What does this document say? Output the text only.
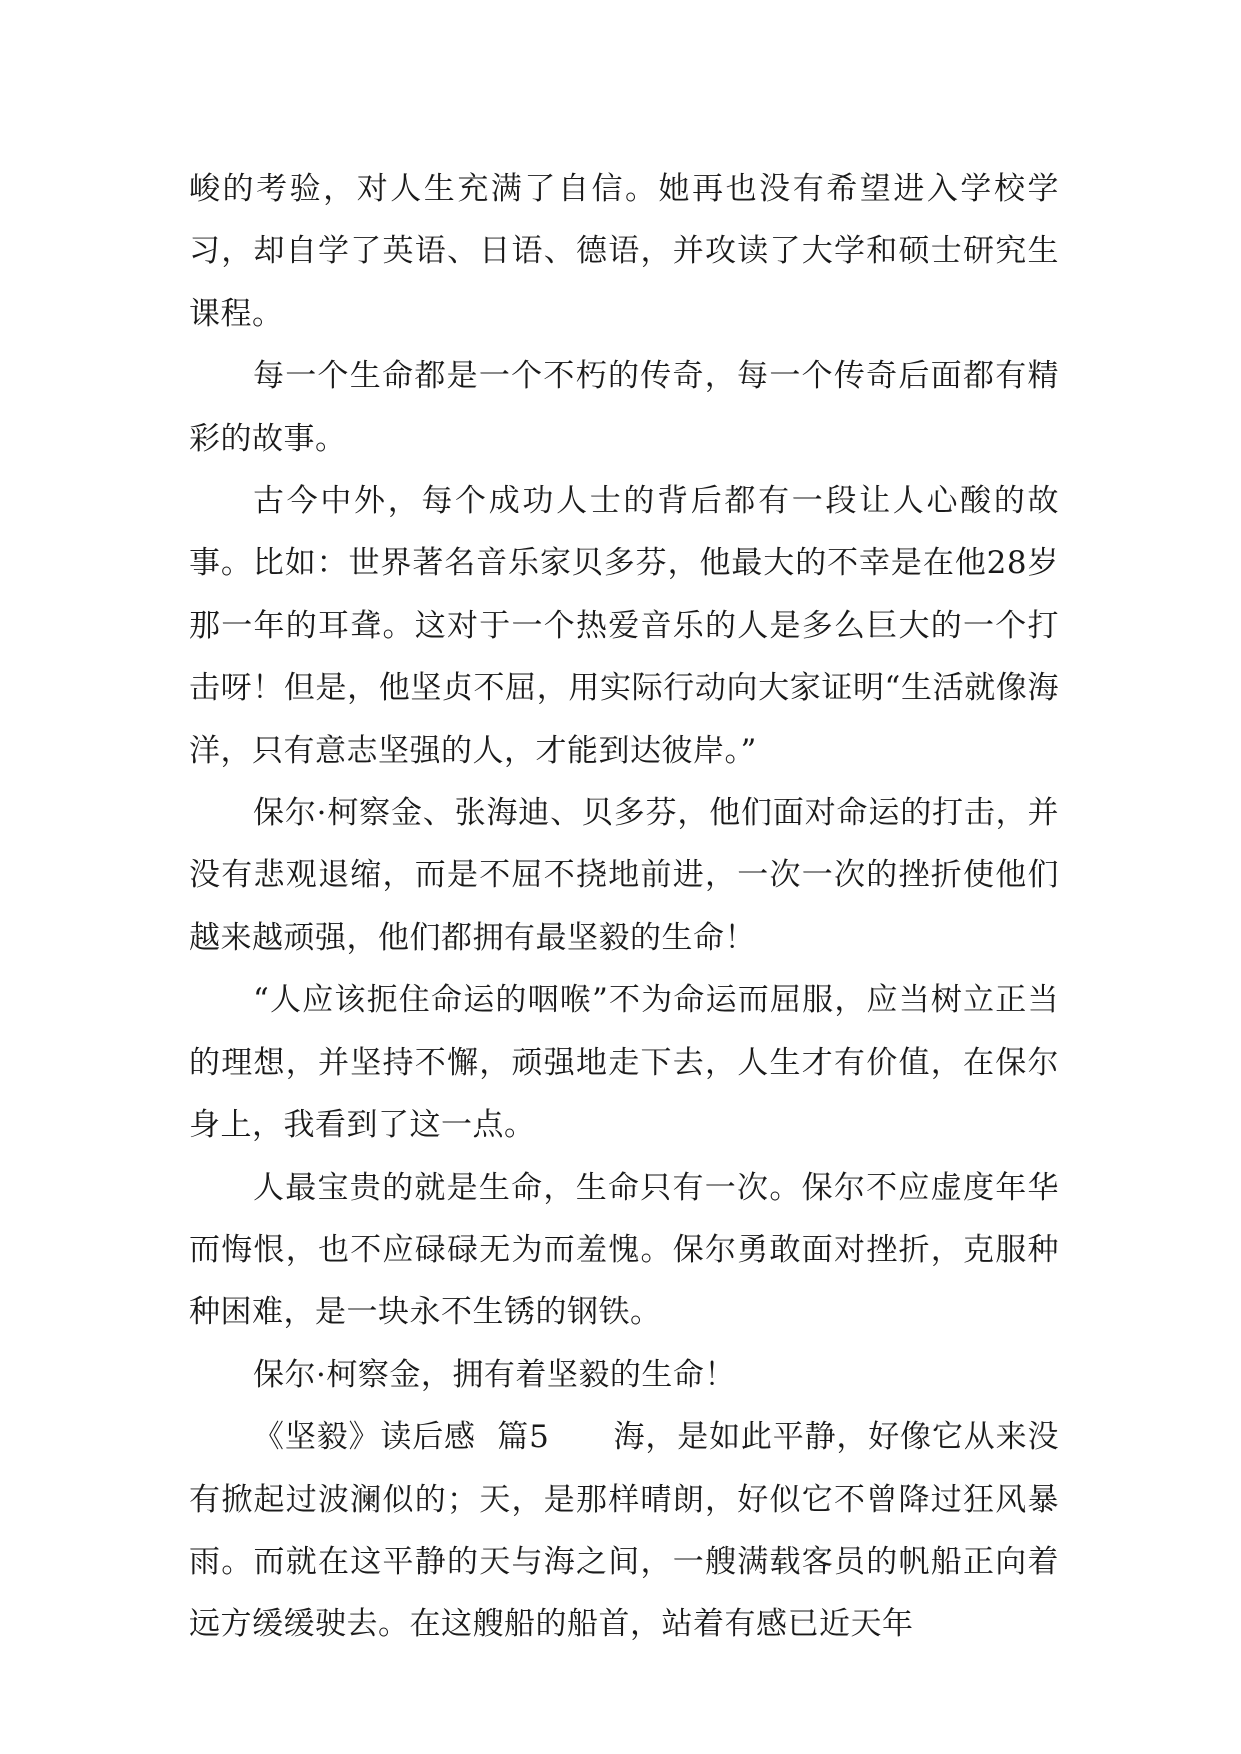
峻的考验，对人生充满了自信。她再也没有希望进入学校学习，却自学了英语、日语、德语，并攻读了大学和硕士研究生课程。

每一个生命都是一个不朽的传奇，每一个传奇后面都有精彩的故事。

古今中外，每个成功人士的背后都有一段让人心酸的故事。比如：世界著名音乐家贝多芬，他最大的不幸是在他28岁那一年的耳聋。这对于一个热爱音乐的人是多么巨大的一个打击呀！但是，他坚贞不屈，用实际行动向大家证明“生活就像海洋，只有意志坚强的人，才能到达彼岸。”

保尔·柯察金、张海迪、贝多芬，他们面对命运的打击，并没有悲观退缩，而是不屈不挠地前进，一次一次的挫折使他们越来越顽强，他们都拥有最坚毅的生命！

“人应该扼住命运的咽喉”不为命运而屈服，应当树立正当的理想，并坚持不懈，顽强地走下去，人生才有价值，在保尔身上，我看到了这一点。

人最宝贵的就是生命，生命只有一次。保尔不应虚度年华而悔恨，也不应碌碌无为而羞愧。保尔勇敢面对挫折，克服种种困难，是一块永不生锈的钢铁。

保尔·柯察金，拥有着坚毅的生命！

《坚毅》读后感  篇5      海，是如此平静，好像它从来没有掀起过波澜似的；天，是那样晴朗，好似它不曾降过狂风暴雨。而就在这平静的天与海之间，一艘满载客员的帆船正向着远方缓缓驶去。在这艘船的船首，站着有感已近天年
